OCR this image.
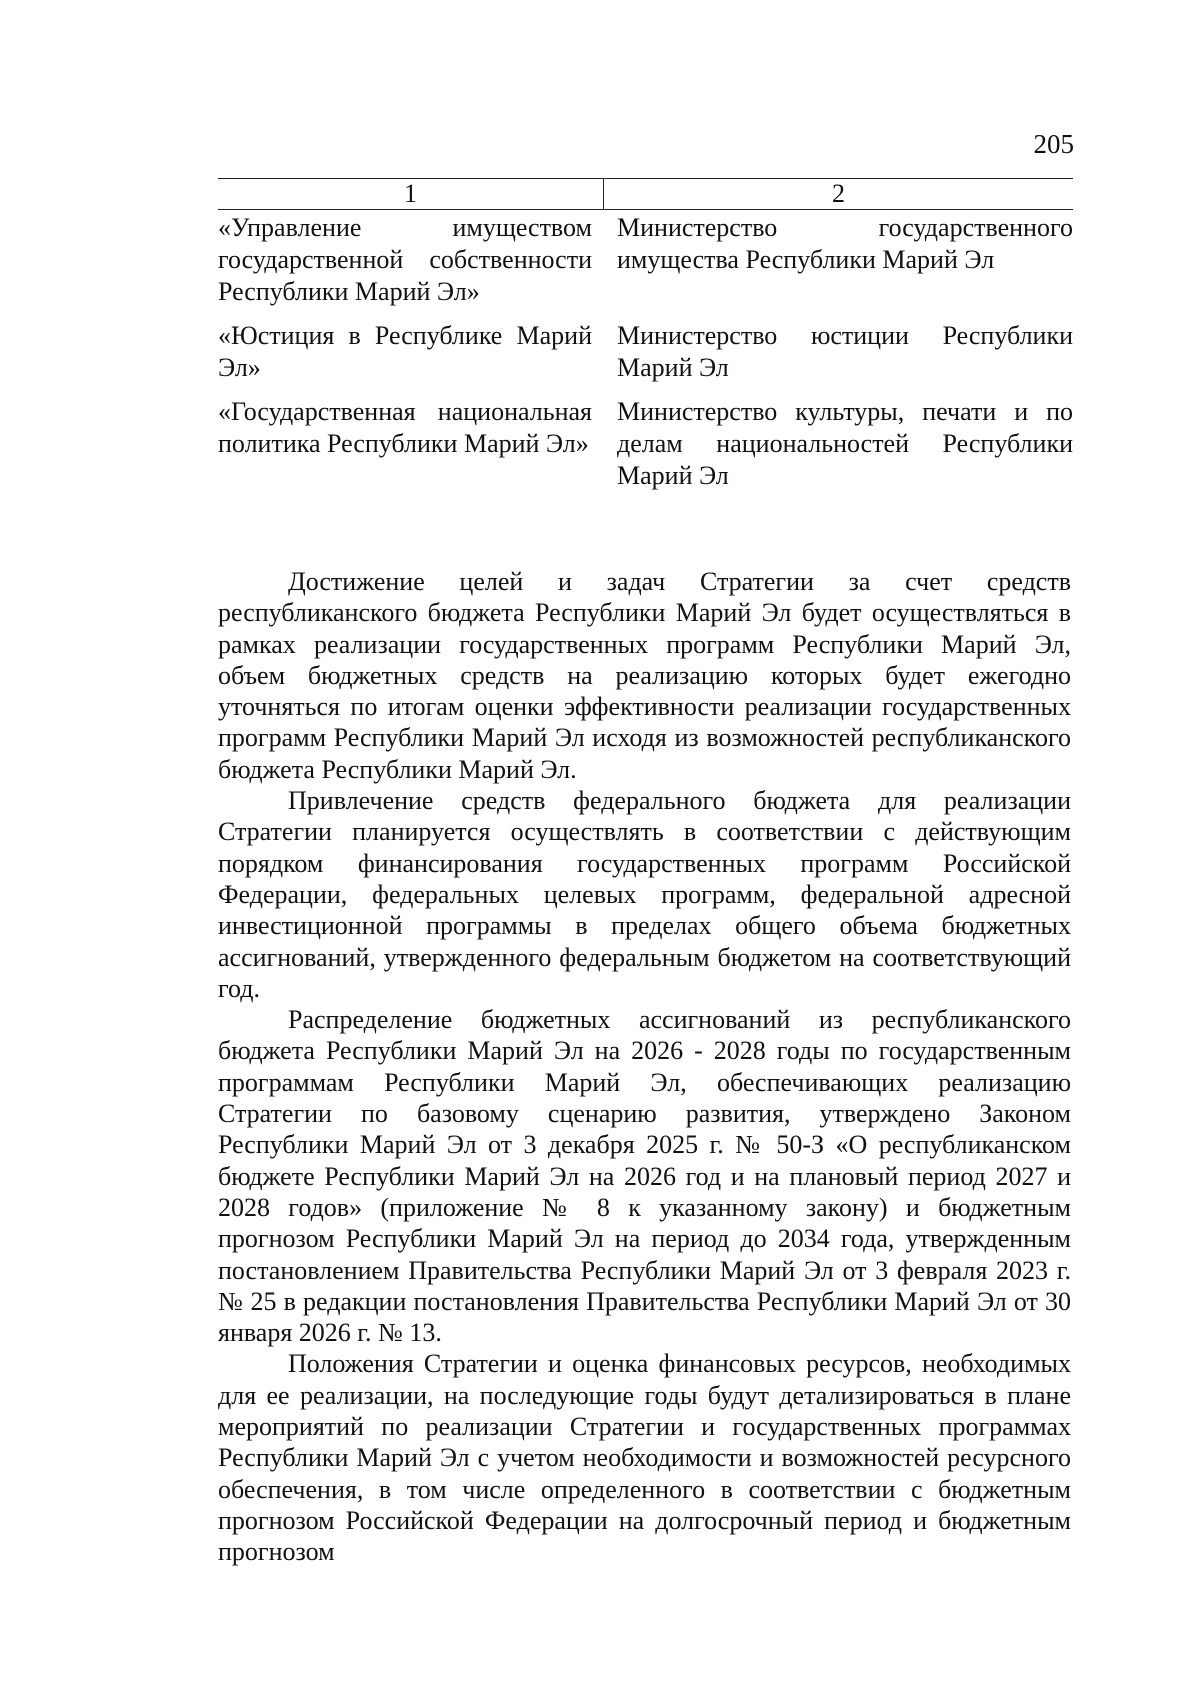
205
1	2
«Управление имуществом государственной собственности Республики Марий Эл»
Министерство государственного имущества Республики Марий Эл
«Юстиция в Республике Марий Эл»
Министерство юстиции Республики Марий Эл
«Государственная национальная политика Республики Марий Эл»
Министерство культуры, печати и по делам национальностей Республики Марий Эл

Достижение целей и задач Стратегии за счет средств республиканского бюджета Республики Марий Эл будет осуществляться в рамках реализации государственных программ Республики Марий Эл, объем бюджетных средств на реализацию которых будет ежегодно уточняться по итогам оценки эффективности реализации государственных программ Республики Марий Эл исходя из возможностей республиканского бюджета Республики Марий Эл.

Привлечение средств федерального бюджета для реализации Стратегии планируется осуществлять в соответствии с действующим порядком финансирования государственных программ Российской Федерации, федеральных целевых программ, федеральной адресной инвестиционной программы в пределах общего объема бюджетных ассигнований, утвержденного федеральным бюджетом на соответствующий год.

Распределение бюджетных ассигнований из республиканского бюджета Республики Марий Эл на 2026 - 2028 годы по государственным программам Республики Марий Эл, обеспечивающих реализацию Стратегии по базовому сценарию развития, утверждено Законом Республики Марий Эл от 3 декабря 2025 г. № 50-З «О республиканском бюджете Республики Марий Эл на 2026 год и на плановый период 2027 и 2028 годов» (приложение № 8 к указанному закону) и бюджетным прогнозом Республики Марий Эл на период до 2034 года, утвержденным постановлением Правительства Республики Марий Эл от 3 февраля 2023 г. № 25 в редакции постановления Правительства Республики Марий Эл от 30 января 2026 г. № 13.

Положения Стратегии и оценка финансовых ресурсов, необходимых для ее реализации, на последующие годы будут детализироваться в плане мероприятий по реализации Стратегии и государственных программах Республики Марий Эл с учетом необходимости и возможностей ресурсного обеспечения, в том числе определенного в соответствии с бюджетным прогнозом Российской Федерации на долгосрочный период и бюджетным прогнозом
